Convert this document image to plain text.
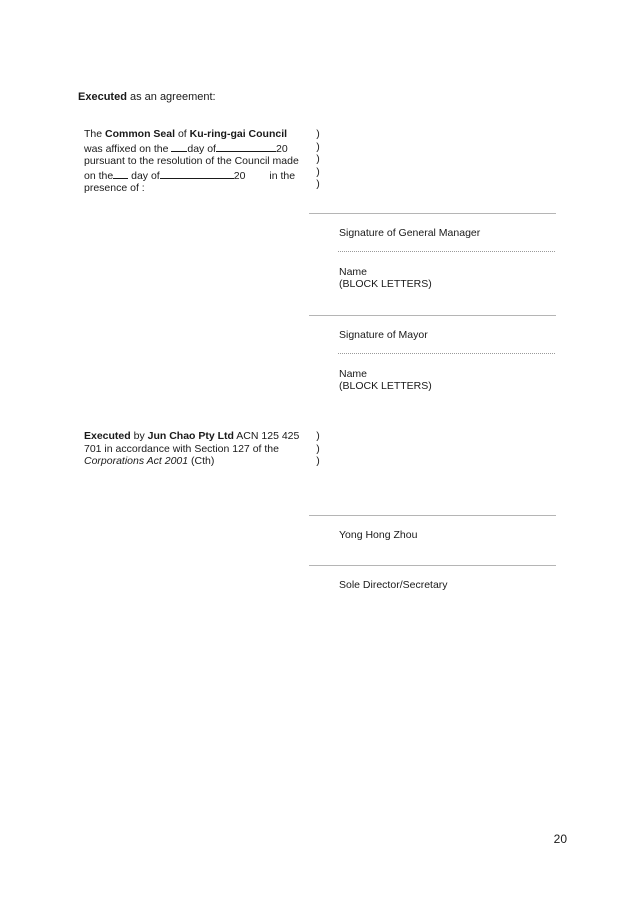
Executed as an agreement:
The Common Seal of Ku-ring-gai Council
was affixed on the day of	20
pursuant to the resolution of the Council made
on the day of	20 in the
presence of :
)
)
)
)
)
Signature of General Manager
Name
(BLOCK LETTERS)
Signature of Mayor
Name
(BLOCK LETTERS)
Executed by Jun Chao Pty Ltd ACN 125 425
701 in accordance with Section 127 of the
Corporations Act 2001 (Cth)
)
)
)
Yong Hong Zhou
Sole Director/Secretary
20
